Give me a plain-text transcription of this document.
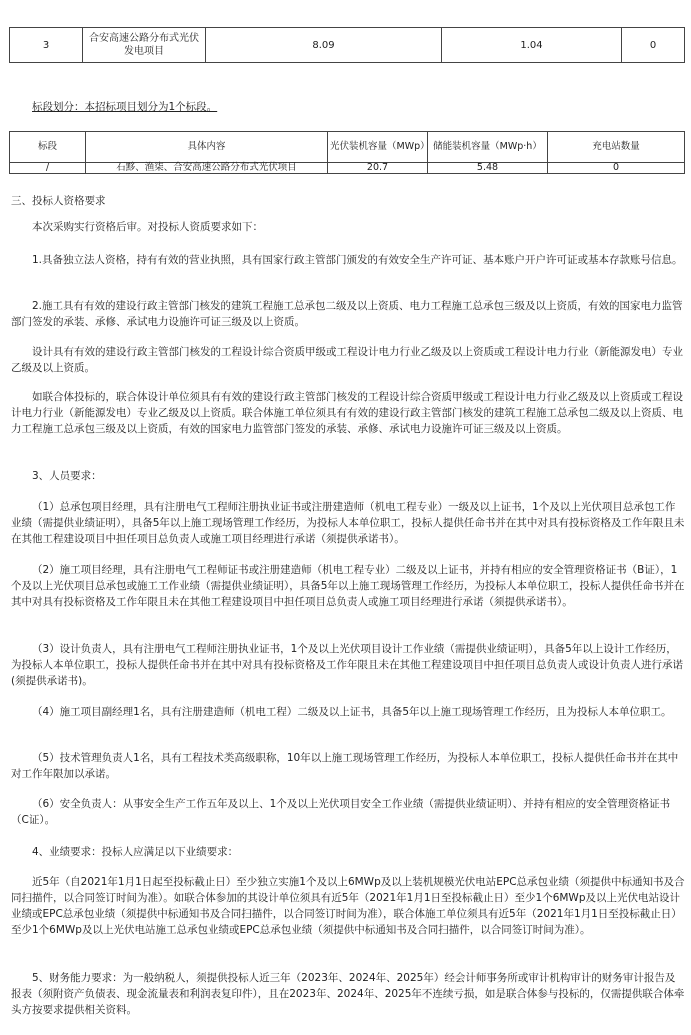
3	合安高速公路分布式光伏发电项目	8.09	1.04	0

标段划分：本招标项目划分为1个标段。

标段	具体内容	光伏装机容量（MWp）	储能装机容量（MWp·h）	充电站数量
/	石黟、渔柒、合安高速公路分布式光伏项目	20.7	5.48	0

三、投标人资格要求

本次采购实行资格后审。对投标人资质要求如下：

1.具备独立法人资格，持有有效的营业执照，具有国家行政主管部门颁发的有效安全生产许可证、基本账户开户许可证或基本存款账号信息。

2.施工具有有效的建设行政主管部门核发的建筑工程施工总承包二级及以上资质、电力工程施工总承包三级及以上资质，有效的国家电力监管部门签发的承装、承修、承试电力设施许可证三级及以上资质。

设计具有有效的建设行政主管部门核发的工程设计综合资质甲级或工程设计电力行业乙级及以上资质或工程设计电力行业（新能源发电）专业乙级及以上资质。

如联合体投标的，联合体设计单位须具有有效的建设行政主管部门核发的工程设计综合资质甲级或工程设计电力行业乙级及以上资质或工程设计电力行业（新能源发电）专业乙级及以上资质。联合体施工单位须具有有效的建设行政主管部门核发的建筑工程施工总承包二级及以上资质、电力工程施工总承包三级及以上资质，有效的国家电力监管部门签发的承装、承修、承试电力设施许可证三级及以上资质。

3、人员要求：

（1）总承包项目经理，具有注册电气工程师注册执业证书或注册建造师（机电工程专业）一级及以上证书，1个及以上光伏项目总承包工作业绩（需提供业绩证明），具备5年以上施工现场管理工作经历，为投标人本单位职工，投标人提供任命书并在其中对具有投标资格及工作年限且未在其他工程建设项目中担任项目总负责人或施工项目经理进行承诺（须提供承诺书）。

（2）施工项目经理，具有注册电气工程师证书或注册建造师（机电工程专业）二级及以上证书，并持有相应的安全管理资格证书（B证），1个及以上光伏项目总承包或施工工作业绩（需提供业绩证明），具备5年以上施工现场管理工作经历，为投标人本单位职工，投标人提供任命书并在其中对具有投标资格及工作年限且未在其他工程建设项目中担任项目总负责人或施工项目经理进行承诺（须提供承诺书）。

（3）设计负责人，具有注册电气工程师注册执业证书，1个及以上光伏项目设计工作业绩（需提供业绩证明），具备5年以上设计工作经历，为投标人本单位职工，投标人提供任命书并在其中对具有投标资格及工作年限且未在其他工程建设项目中担任项目总负责人或设计负责人进行承诺(须提供承诺书)。

（4）施工项目副经理1名，具有注册建造师（机电工程）二级及以上证书，具备5年以上施工现场管理工作经历，且为投标人本单位职工。

（5）技术管理负责人1名，具有工程技术类高级职称，10年以上施工现场管理工作经历，为投标人本单位职工，投标人提供任命书并在其中对工作年限加以承诺。

（6）安全负责人：从事安全生产工作五年及以上、1个及以上光伏项目安全工作业绩（需提供业绩证明）、并持有相应的安全管理资格证书（C证）。

4、业绩要求：投标人应满足以下业绩要求：

近5年（自2021年1月1日起至投标截止日）至少独立实施1个及以上6MWp及以上装机规模光伏电站EPC总承包业绩（须提供中标通知书及合同扫描件，以合同签订时间为准）。如联合体参加的其设计单位须具有近5年（2021年1月1日至投标截止日）至少1个6MWp及以上光伏电站设计业绩或EPC总承包业绩（须提供中标通知书及合同扫描件，以合同签订时间为准），联合体施工单位须具有近5年（2021年1月1日至投标截止日）至少1个6MWp及以上光伏电站施工总承包业绩或EPC总承包业绩（须提供中标通知书及合同扫描件，以合同签订时间为准）。

5、财务能力要求：为一般纳税人，须提供投标人近三年（2023年、2024年、2025年）经会计师事务所或审计机构审计的财务审计报告及报表（须附资产负债表、现金流量表和利润表复印件），且在2023年、2024年、2025年不连续亏损，如是联合体参与投标的，仅需提供联合体牵头方按要求提供相关资料。
